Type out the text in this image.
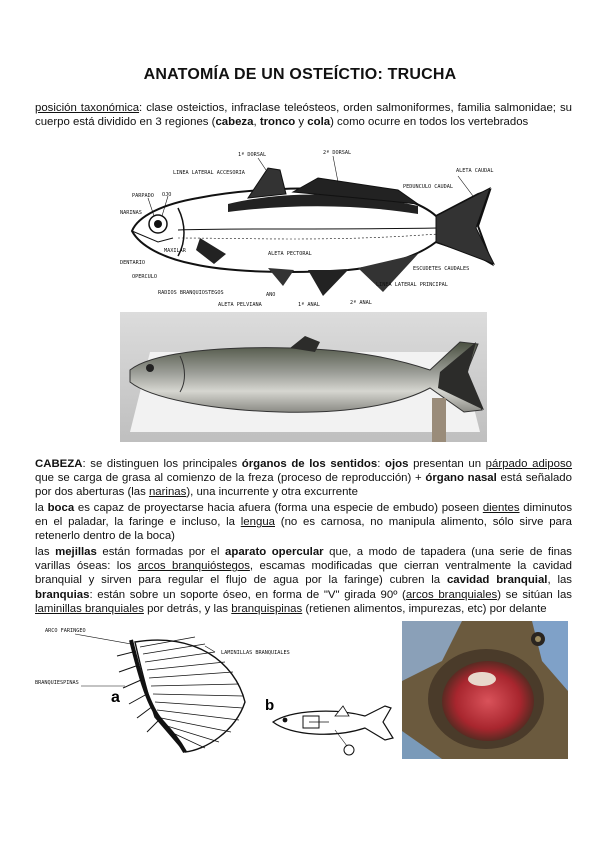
ANATOMÍA DE UN OSTEÍCTIO: TRUCHA

posición taxonómica: clase osteictios, infraclase teleósteos, orden salmoniformes, familia salmonidae; su cuerpo está dividido en 3 regiones (cabeza, tronco y cola) como ocurre en todos los vertebrados

1ª DORSAL	2ª DORSAL
LINEA LATERAL ACCESORIA
PARPADO OJO
NARINAS
MAXILAR
DENTARIO
OPERCULO
ALETA PECTORAL
PEDUNCULO CAUDAL
ALETA CAUDAL
ESCUDETES CAUDALES
LINEA LATERAL PRINCIPAL
RADIOS BRANQUIOSTEGOS	ANO
1ª ANAL	2ª ANAL
ALETA PELVIANA

CABEZA: se distinguen los principales órganos de los sentidos: ojos presentan un párpado adiposo que se carga de grasa al comienzo de la freza (proceso de reproducción) + órgano nasal está señalado por dos aberturas (las narinas), una incurrente y otra excurrente

la boca es capaz de proyectarse hacia afuera (forma una especie de embudo) poseen dientes diminutos en el paladar, la faringe e incluso, la lengua (no es carnosa, no manipula alimento, sólo sirve para retenerlo dentro de la boca)

las mejillas están formadas por el aparato opercular que, a modo de tapadera (una serie de finas varillas óseas: los arcos branquióstegos, escamas modificadas que cierran ventralmente la cavidad branquial y sirven para regular el flujo de agua por la faringe) cubren la cavidad branquial, las branquias: están sobre un soporte óseo, en forma de "V" girada 90º (arcos branquiales) se sitúan las laminillas branquiales por detrás, y las branquispinas (retienen alimentos, impurezas, etc) por delante

ARCO FARINGEO
LAMINILLAS BRANQUIALES
BRANQUIESPINAS
a	b
